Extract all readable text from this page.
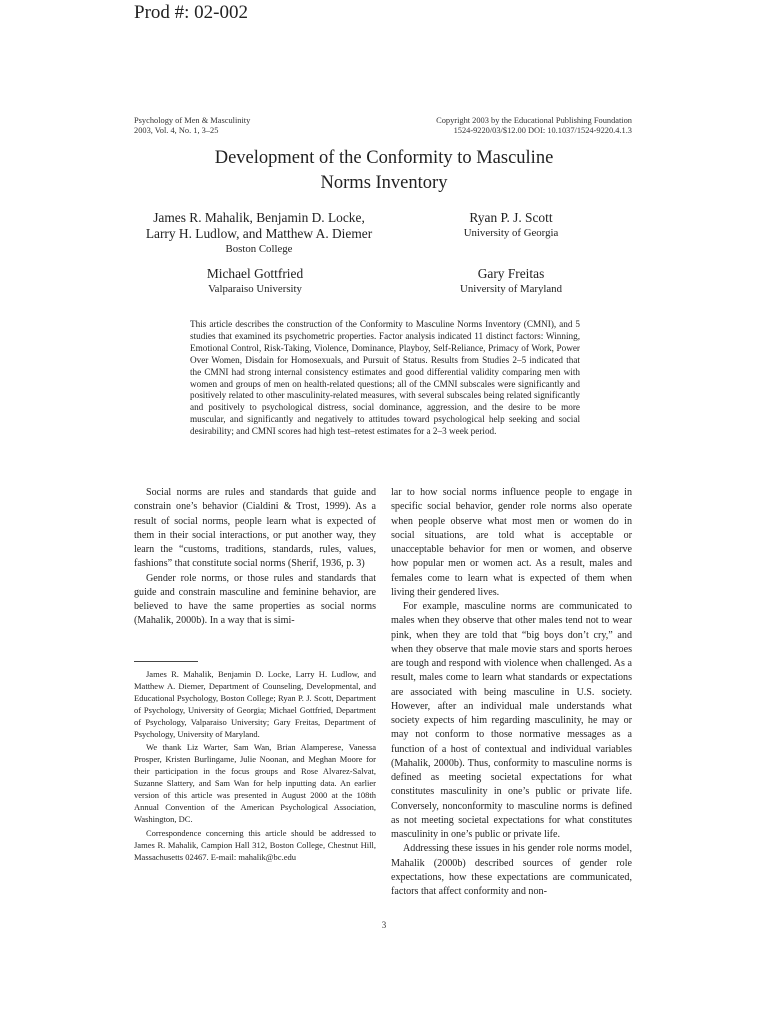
Prod #: 02-002
Psychology of Men & Masculinity
2003, Vol. 4, No. 1, 3–25
Copyright 2003 by the Educational Publishing Foundation
1524-9220/03/$12.00 DOI: 10.1037/1524-9220.4.1.3
Development of the Conformity to Masculine
Norms Inventory
James R. Mahalik, Benjamin D. Locke,
Larry H. Ludlow, and Matthew A. Diemer
Boston College
Ryan P. J. Scott
University of Georgia
Michael Gottfried
Valparaiso University
Gary Freitas
University of Maryland
This article describes the construction of the Conformity to Masculine Norms Inventory (CMNI), and 5 studies that examined its psychometric properties. Factor analysis indicated 11 distinct factors: Winning, Emotional Control, Risk-Taking, Violence, Dominance, Playboy, Self-Reliance, Primacy of Work, Power Over Women, Disdain for Homosexuals, and Pursuit of Status. Results from Studies 2–5 indicated that the CMNI had strong internal consistency estimates and good differential validity comparing men with women and groups of men on health-related questions; all of the CMNI subscales were significantly and positively related to other masculinity-related measures, with several subscales being related significantly and positively to psychological distress, social dominance, aggression, and the desire to be more muscular, and significantly and negatively to attitudes toward psychological help seeking and social desirability; and CMNI scores had high test–retest estimates for a 2–3 week period.

Social norms are rules and standards that guide and constrain one’s behavior (Cialdini & Trost, 1999). As a result of social norms, people learn what is expected of them in their social interactions, or put another way, they learn the “customs, traditions, standards, rules, values, fashions” that constitute social norms (Sherif, 1936, p. 3)

Gender role norms, or those rules and standards that guide and constrain masculine and feminine behavior, are believed to have the same properties as social norms (Mahalik, 2000b). In a way that is simi-

James R. Mahalik, Benjamin D. Locke, Larry H. Ludlow, and Matthew A. Diemer, Department of Counseling, Developmental, and Educational Psychology, Boston College; Ryan P. J. Scott, Department of Psychology, University of Georgia; Michael Gottfried, Department of Psychology, Valparaiso University; Gary Freitas, Department of Psychology, University of Maryland.

We thank Liz Warter, Sam Wan, Brian Alamperese, Vanessa Prosper, Kristen Burlingame, Julie Noonan, and Meghan Moore for their participation in the focus groups and Rose Alvarez-Salvat, Suzanne Slattery, and Sam Wan for help inputting data. An earlier version of this article was presented in August 2000 at the 108th Annual Convention of the American Psychological Association, Washington, DC.

Correspondence concerning this article should be addressed to James R. Mahalik, Campion Hall 312, Boston College, Chestnut Hill, Massachusetts 02467. E-mail: mahalik@bc.edu

lar to how social norms influence people to engage in specific social behavior, gender role norms also operate when people observe what most men or women do in social situations, are told what is acceptable or unacceptable behavior for men or women, and observe how popular men or women act. As a result, males and females come to learn what is expected of them when living their gendered lives.

For example, masculine norms are communicated to males when they observe that other males tend not to wear pink, when they are told that “big boys don’t cry,” and when they observe that male movie stars and sports heroes are tough and respond with violence when challenged. As a result, males come to learn what standards or expectations are associated with being masculine in U.S. society. However, after an individual male understands what society expects of him regarding masculinity, he may or may not conform to those normative messages as a function of a host of contextual and individual variables (Mahalik, 2000b). Thus, conformity to masculine norms is defined as meeting societal expectations for what constitutes masculinity in one’s public or private life. Conversely, nonconformity to masculine norms is defined as not meeting societal expectations for what constitutes masculinity in one’s public or private life.

Addressing these issues in his gender role norms model, Mahalik (2000b) described sources of gender role expectations, how these expectations are communicated, factors that affect conformity and non-

3
